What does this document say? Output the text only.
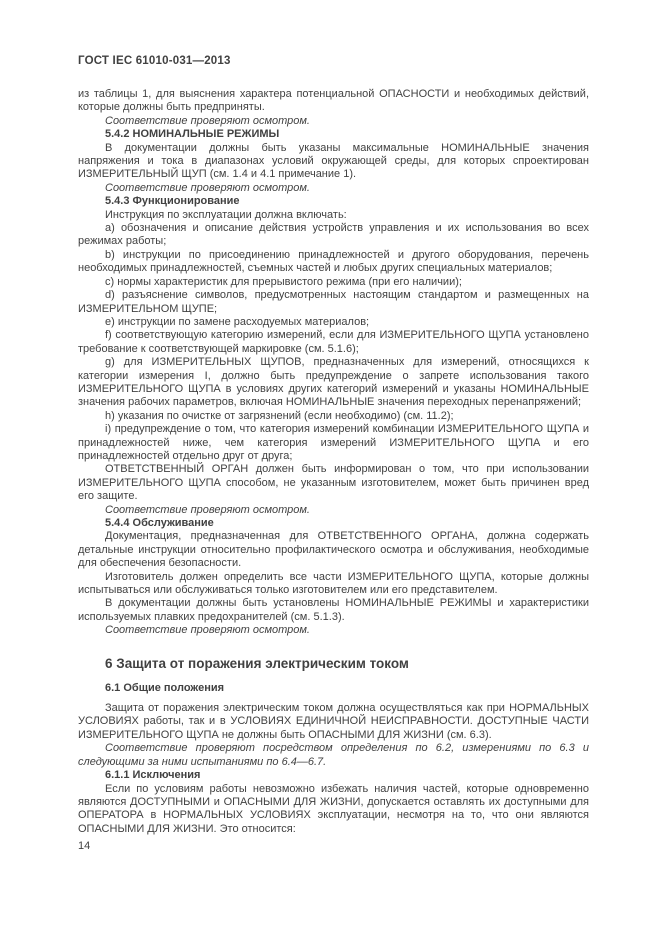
ГОСТ IEC 61010-031—2013
из таблицы 1, для выяснения характера потенциальной ОПАСНОСТИ и необходимых действий, которые должны быть предприняты.
Соответствие проверяют осмотром.
5.4.2 НОМИНАЛЬНЫЕ РЕЖИМЫ
В документации должны быть указаны максимальные НОМИНАЛЬНЫЕ значения напряжения и тока в диапазонах условий окружающей среды, для которых спроектирован ИЗМЕРИТЕЛЬНЫЙ ЩУП (см. 1.4 и 4.1 примечание 1).
Соответствие проверяют осмотром.
5.4.3 Функционирование
Инструкция по эксплуатации должна включать:
a) обозначения и описание действия устройств управления и их использования во всех режимах работы;
b) инструкции по присоединению принадлежностей и другого оборудования, перечень необходимых принадлежностей, съемных частей и любых других специальных материалов;
c) нормы характеристик для прерывистого режима (при его наличии);
d) разъяснение символов, предусмотренных настоящим стандартом и размещенных на ИЗМЕРИТЕЛЬНОМ ЩУПЕ;
e) инструкции по замене расходуемых материалов;
f) соответствующую категорию измерений, если для ИЗМЕРИТЕЛЬНОГО ЩУПА установлено требование к соответствующей маркировке (см. 5.1.6);
g) для ИЗМЕРИТЕЛЬНЫХ ЩУПОВ, предназначенных для измерений, относящихся к категории измерения I, должно быть предупреждение о запрете использования такого ИЗМЕРИТЕЛЬНОГО ЩУПА в условиях других категорий измерений и указаны НОМИНАЛЬНЫЕ значения рабочих параметров, включая НОМИНАЛЬНЫЕ значения переходных перенапряжений;
h) указания по очистке от загрязнений (если необходимо) (см. 11.2);
i) предупреждение о том, что категория измерений комбинации ИЗМЕРИТЕЛЬНОГО ЩУПА и принадлежностей ниже, чем категория измерений ИЗМЕРИТЕЛЬНОГО ЩУПА и его принадлежностей отдельно друг от друга;
ОТВЕТСТВЕННЫЙ ОРГАН должен быть информирован о том, что при использовании ИЗМЕРИТЕЛЬНОГО ЩУПА способом, не указанным изготовителем, может быть причинен вред его защите.
Соответствие проверяют осмотром.
5.4.4 Обслуживание
Документация, предназначенная для ОТВЕТСТВЕННОГО ОРГАНА, должна содержать детальные инструкции относительно профилактического осмотра и обслуживания, необходимые для обеспечения безопасности.
Изготовитель должен определить все части ИЗМЕРИТЕЛЬНОГО ЩУПА, которые должны испытываться или обслуживаться только изготовителем или его представителем.
В документации должны быть установлены НОМИНАЛЬНЫЕ РЕЖИМЫ и характеристики используемых плавких предохранителей (см. 5.1.3).
Соответствие проверяют осмотром.
6 Защита от поражения электрическим током
6.1 Общие положения
Защита от поражения электрическим током должна осуществляться как при НОРМАЛЬНЫХ УСЛОВИЯХ работы, так и в УСЛОВИЯХ ЕДИНИЧНОЙ НЕИСПРАВНОСТИ. ДОСТУПНЫЕ ЧАСТИ ИЗМЕРИТЕЛЬНОГО ЩУПА не должны быть ОПАСНЫМИ ДЛЯ ЖИЗНИ (см. 6.3).
Соответствие проверяют посредством определения по 6.2, измерениями по 6.3 и следующими за ними испытаниями по 6.4—6.7.
6.1.1 Исключения
Если по условиям работы невозможно избежать наличия частей, которые одновременно являются ДОСТУПНЫМИ и ОПАСНЫМИ ДЛЯ ЖИЗНИ, допускается оставлять их доступными для ОПЕРАТОРА в НОРМАЛЬНЫХ УСЛОВИЯХ эксплуатации, несмотря на то, что они являются ОПАСНЫМИ ДЛЯ ЖИЗНИ. Это относится:
14
